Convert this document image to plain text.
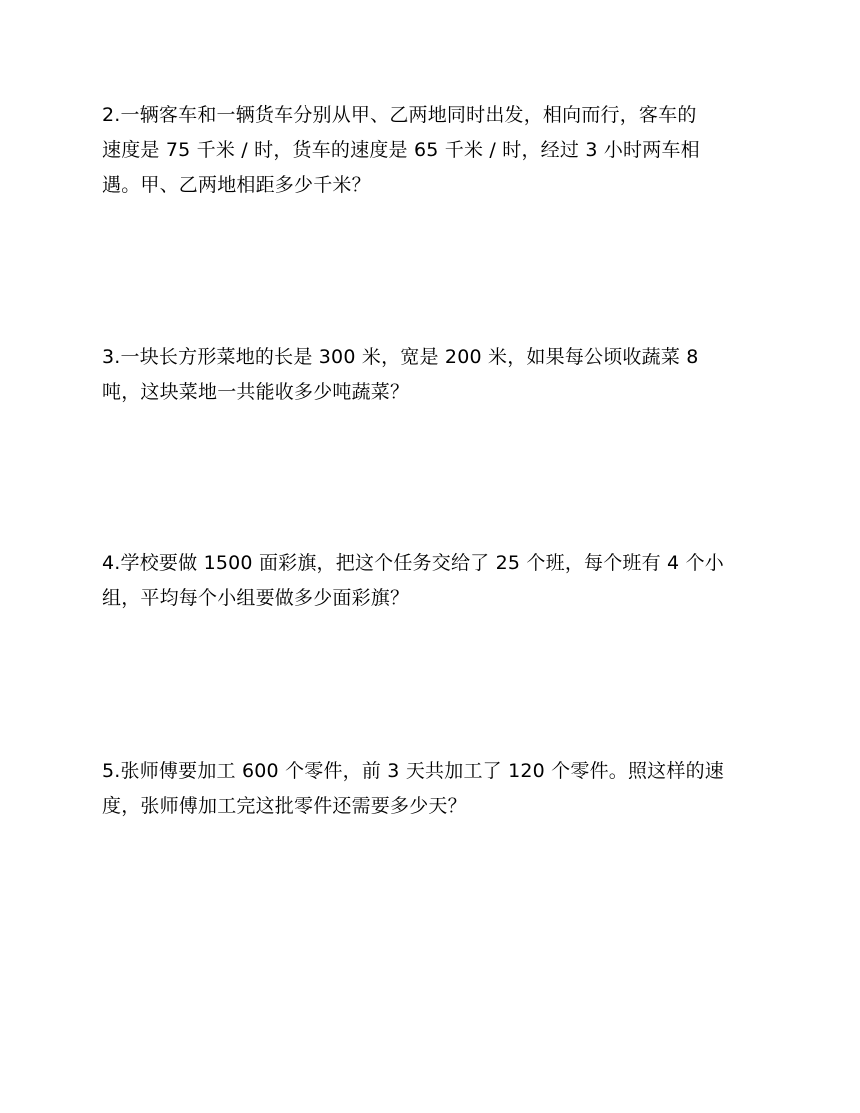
2.一辆客车和一辆货车分别从甲、乙两地同时出发，相向而行，客车的
速度是 75 千米 / 时，货车的速度是 65 千米 / 时，经过 3 小时两车相
遇。甲、乙两地相距多少千米？
3.一块长方形菜地的长是 300 米，宽是 200 米，如果每公顷收蔬菜 8
吨，这块菜地一共能收多少吨蔬菜？
4.学校要做 1500 面彩旗，把这个任务交给了 25 个班，每个班有 4 个小
组，平均每个小组要做多少面彩旗？
5.张师傅要加工 600 个零件，前 3 天共加工了 120 个零件。照这样的速
度，张师傅加工完这批零件还需要多少天？
